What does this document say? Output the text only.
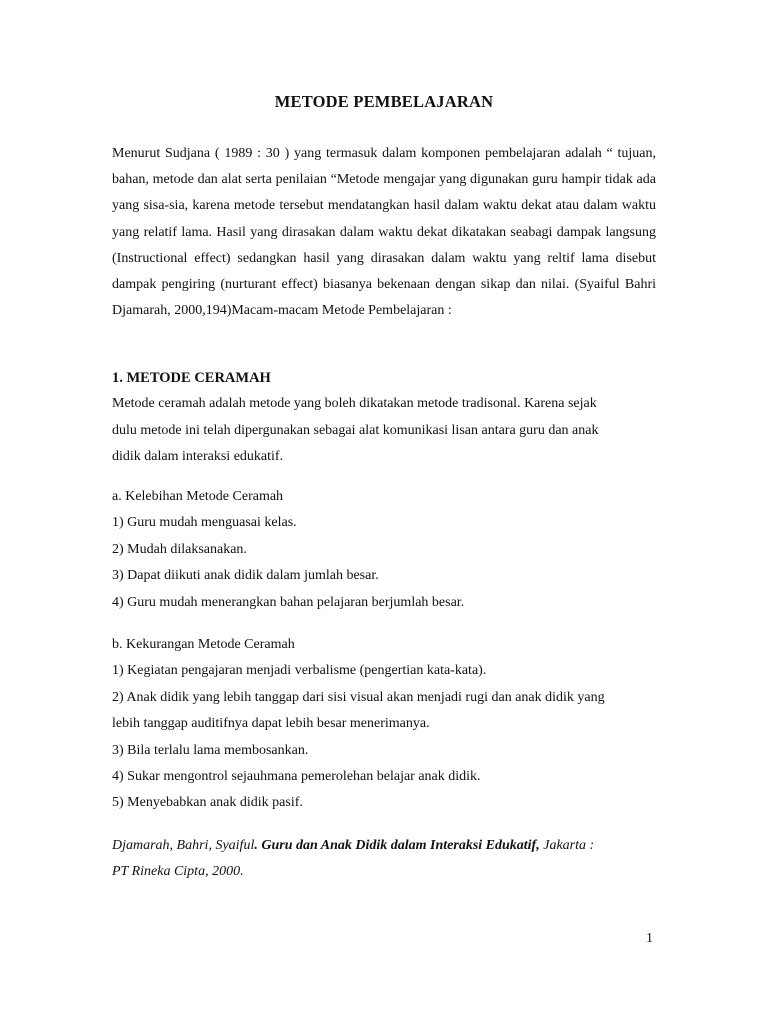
METODE PEMBELAJARAN
Menurut Sudjana ( 1989 : 30 ) yang termasuk dalam komponen pembelajaran adalah “ tujuan, bahan, metode dan alat serta penilaian “Metode mengajar yang digunakan guru hampir tidak ada yang sisa-sia, karena metode tersebut mendatangkan hasil dalam waktu dekat atau dalam waktu yang relatif lama. Hasil yang dirasakan dalam waktu dekat dikatakan seabagi dampak langsung (Instructional effect) sedangkan hasil yang dirasakan dalam waktu yang reltif lama disebut dampak pengiring (nurturant effect) biasanya bekenaan dengan sikap dan nilai. (Syaiful Bahri Djamarah, 2000,194)Macam-macam Metode Pembelajaran :

1. METODE CERAMAH

Metode ceramah adalah metode yang boleh dikatakan metode tradisonal. Karena sejak

dulu metode ini telah dipergunakan sebagai alat komunikasi lisan antara guru dan anak

didik dalam interaksi edukatif.

a. Kelebihan Metode Ceramah

1) Guru mudah menguasai kelas.

2) Mudah dilaksanakan.

3) Dapat diikuti anak didik dalam jumlah besar.

4) Guru mudah menerangkan bahan pelajaran berjumlah besar.

b. Kekurangan Metode Ceramah

1) Kegiatan pengajaran menjadi verbalisme (pengertian kata-kata).

2) Anak didik yang lebih tanggap dari sisi visual akan menjadi rugi dan anak didik yang

lebih tanggap auditifnya dapat lebih besar menerimanya.

3) Bila terlalu lama membosankan.

4) Sukar mengontrol sejauhmana pemerolehan belajar anak didik.

5) Menyebabkan anak didik pasif.

Djamarah, Bahri, Syaiful. Guru dan Anak Didik dalam Interaksi Edukatif, Jakarta :
PT Rineka Cipta, 2000.
1
